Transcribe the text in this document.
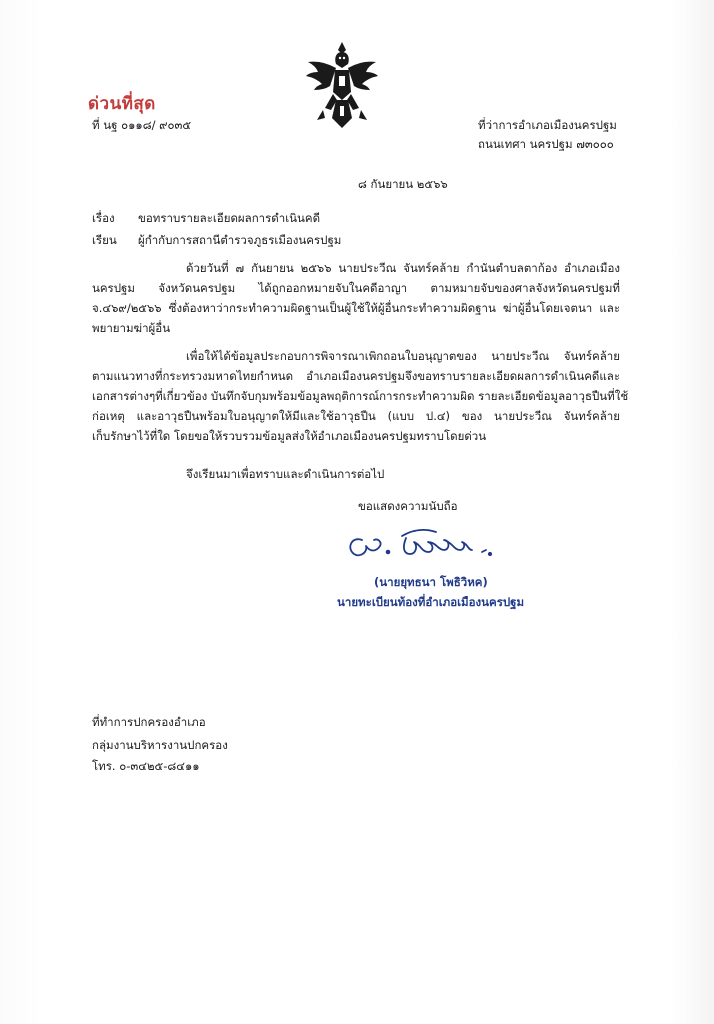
ด่วนที่สุด
ที่ นฐ ๐๑๑๘/ ๙๐๓๕	ที่ว่าการอำเภอเมืองนครปฐม
ถนนเทศา นครปฐม ๗๓๐๐๐
๘ กันยายน ๒๕๖๖
เรื่อง ขอทราบรายละเอียดผลการดำเนินคดี
เรียน ผู้กำกับการสถานีตำรวจภูธรเมืองนครปฐม
ด้วยวันที่ ๗ กันยายน ๒๕๖๖ นายประวีณ จันทร์คล้าย กำนันตำบลตาก้อง อำเภอเมือง
นครปฐม จังหวัดนครปฐม ได้ถูกออกหมายจับในคดีอาญา ตามหมายจับของศาลจังหวัดนครปฐมที่
จ.๔๖๙/๒๕๖๖ ซึ่งต้องหาว่ากระทำความผิดฐานเป็นผู้ใช้ให้ผู้อื่นกระทำความผิดฐาน ฆ่าผู้อื่นโดยเจตนา และ
พยายามฆ่าผู้อื่น
เพื่อให้ได้ข้อมูลประกอบการพิจารณาเพิกถอนใบอนุญาตของ นายประวีณ จันทร์คล้าย
ตามแนวทางที่กระทรวงมหาดไทยกำหนด อำเภอเมืองนครปฐมจึงขอทราบรายละเอียดผลการดำเนินคดีและ
เอกสารต่างๆที่เกี่ยวข้อง บันทึกจับกุมพร้อมข้อมูลพฤติการณ์การกระทำความผิด รายละเอียดข้อมูลอาวุธปืนที่ใช้
ก่อเหตุ และอาวุธปืนพร้อมใบอนุญาตให้มีและใช้อาวุธปืน (แบบ ป.๔) ของ นายประวีณ จันทร์คล้าย
เก็บรักษาไว้ที่ใด โดยขอให้รวบรวมข้อมูลส่งให้อำเภอเมืองนครปฐมทราบโดยด่วน
จึงเรียนมาเพื่อทราบและดำเนินการต่อไป
ขอแสดงความนับถือ
(นายยุทธนา โพธิวิหค)
นายทะเบียนท้องที่อำเภอเมืองนครปฐม
ที่ทำการปกครองอำเภอ
กลุ่มงานบริหารงานปกครอง
โทร. ๐-๓๔๒๕-๘๔๑๑
